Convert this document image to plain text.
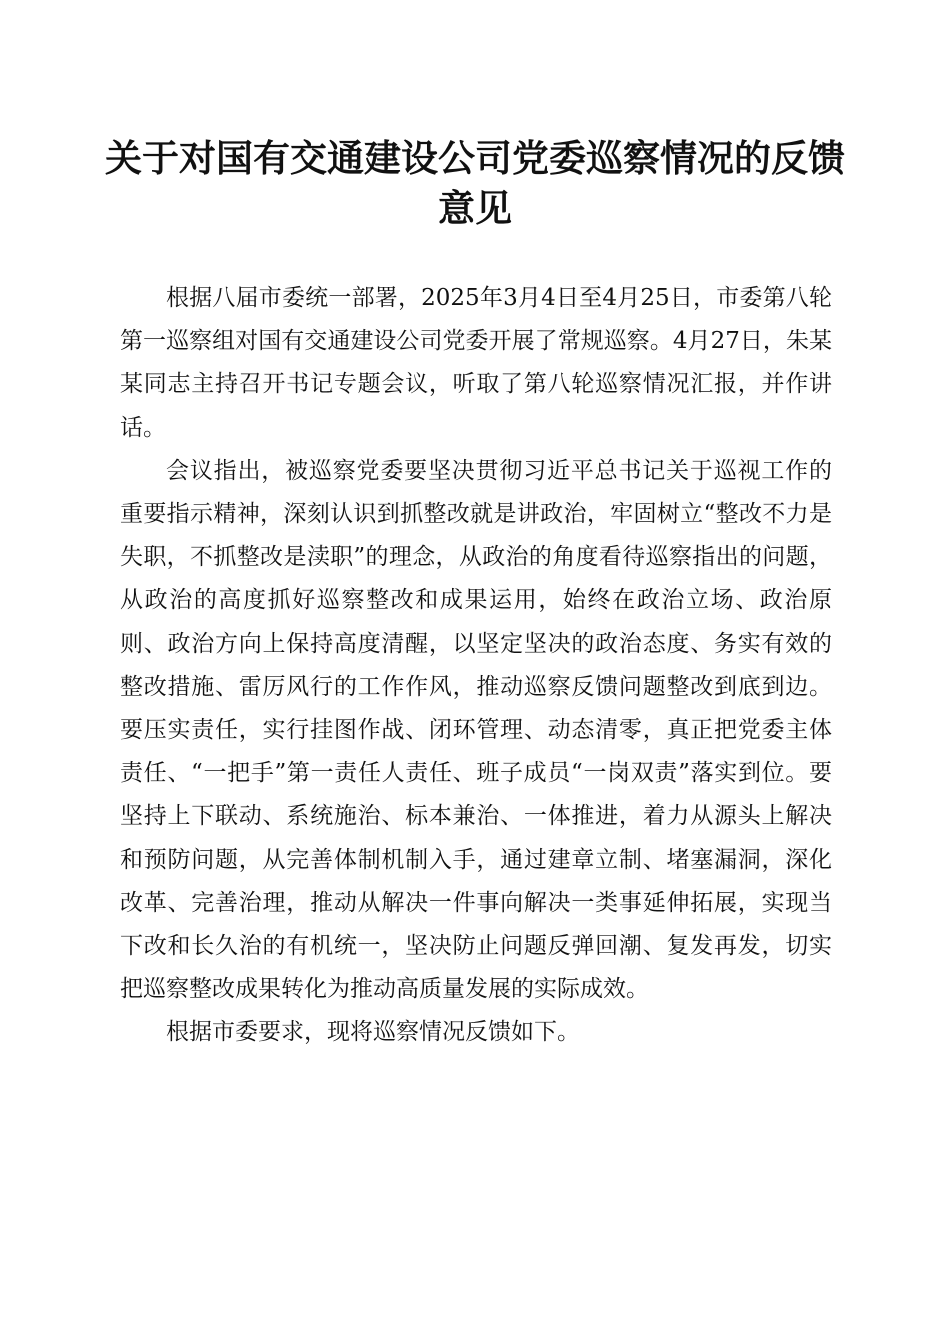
关于对国有交通建设公司党委巡察情况的反馈意见

根据八届市委统一部署，2025年3月4日至4月25日，市委第八轮第一巡察组对国有交通建设公司党委开展了常规巡察。4月27日，朱某某同志主持召开书记专题会议，听取了第八轮巡察情况汇报，并作讲话。

会议指出，被巡察党委要坚决贯彻习近平总书记关于巡视工作的重要指示精神，深刻认识到抓整改就是讲政治，牢固树立“整改不力是失职，不抓整改是渎职”的理念，从政治的角度看待巡察指出的问题，从政治的高度抓好巡察整改和成果运用，始终在政治立场、政治原则、政治方向上保持高度清醒，以坚定坚决的政治态度、务实有效的整改措施、雷厉风行的工作作风，推动巡察反馈问题整改到底到边。要压实责任，实行挂图作战、闭环管理、动态清零，真正把党委主体责任、“一把手”第一责任人责任、班子成员“一岗双责”落实到位。要坚持上下联动、系统施治、标本兼治、一体推进，着力从源头上解决和预防问题，从完善体制机制入手，通过建章立制、堵塞漏洞，深化改革、完善治理，推动从解决一件事向解决一类事延伸拓展，实现当下改和长久治的有机统一，坚决防止问题反弹回潮、复发再发，切实把巡察整改成果转化为推动高质量发展的实际成效。

根据市委要求，现将巡察情况反馈如下。
